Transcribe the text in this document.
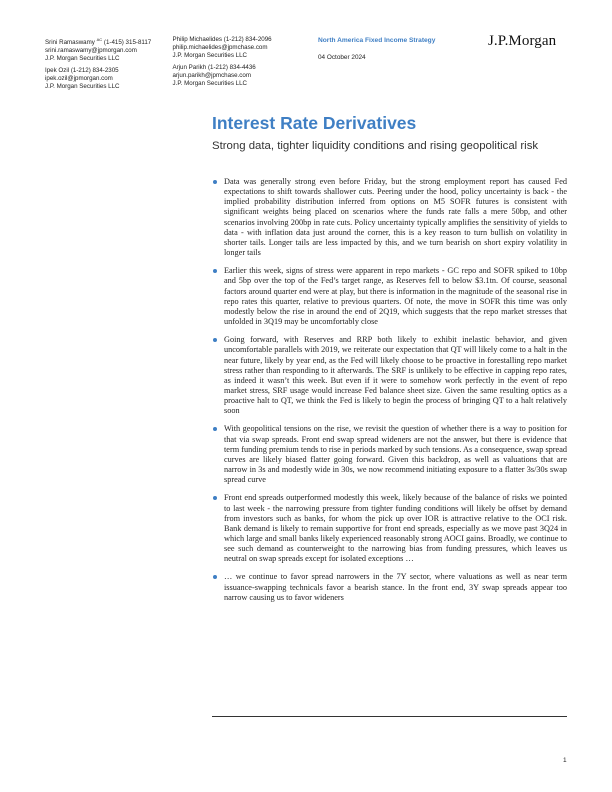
Srini Ramaswamy $^{AC}$ (1-415) 315-8117
srini.ramaswamy@jpmorgan.com
J.P. Morgan Securities LLC
Ipek Ozil (1-212) 834-2305
ipek.ozil@jpmorgan.com
J.P. Morgan Securities LLC
Philip Michaelides (1-212) 834-2096
philip.michaelides@jpmchase.com
J.P. Morgan Securities LLC
Arjun Parikh (1-212) 834-4436
arjun.parikh@jpmchase.com
J.P. Morgan Securities LLC
North America Fixed Income Strategy
04 October 2024
J.P.Morgan
Interest Rate Derivatives
Strong data, tighter liquidity conditions and rising geopolitical risk
Data was generally strong even before Friday, but the strong employment report has caused Fed expectations to shift towards shallower cuts. Peering under the hood, policy uncertainty is back - the implied probability distribution inferred from options on M5 SOFR futures is consistent with significant weights being placed on scenarios where the funds rate falls a mere 50bp, and other scenarios involving 200bp in rate cuts. Policy uncertainty typically amplifies the sensitivity of yields to data - with inflation data just around the corner, this is a key reason to turn bullish on volatility in shorter tails. Longer tails are less impacted by this, and we turn bearish on short expiry volatility in longer tails
Earlier this week, signs of stress were apparent in repo markets - GC repo and SOFR spiked to 10bp and 5bp over the top of the Fed’s target range, as Reserves fell to below $3.1tn. Of course, seasonal factors around quarter end were at play, but there is information in the magnitude of the seasonal rise in repo rates this quarter, relative to previous quarters. Of note, the move in SOFR this time was only modestly below the rise in around the end of 2Q19, which suggests that the repo market stresses that unfolded in 3Q19 may be uncomfortably close
Going forward, with Reserves and RRP both likely to exhibit inelastic behavior, and given uncomfortable parallels with 2019, we reiterate our expectation that QT will likely come to a halt in the near future, likely by year end, as the Fed will likely choose to be proactive in forestalling repo market stress rather than responding to it afterwards. The SRF is unlikely to be effective in capping repo rates, as indeed it wasn’t this week. But even if it were to somehow work perfectly in the event of repo market stress, SRF usage would increase Fed balance sheet size. Given the same resulting optics as a proactive halt to QT, we think the Fed is likely to begin the process of bringing QT to a halt relatively soon
With geopolitical tensions on the rise, we revisit the question of whether there is a way to position for that via swap spreads. Front end swap spread wideners are not the answer, but there is evidence that term funding premium tends to rise in periods marked by such tensions. As a consequence, swap spread curves are likely biased flatter going forward. Given this backdrop, as well as valuations that are narrow in 3s and modestly wide in 30s, we now recommend initiating exposure to a flatter 3s/30s swap spread curve
Front end spreads outperformed modestly this week, likely because of the balance of risks we pointed to last week - the narrowing pressure from tighter funding conditions will likely be offset by demand from investors such as banks, for whom the pick up over IOR is attractive relative to the OCI risk. Bank demand is likely to remain supportive for front end spreads, especially as we move past 3Q24 in which large and small banks likely experienced reasonably strong AOCI gains. Broadly, we continue to see such demand as counterweight to the narrowing bias from funding pressures, which leaves us neutral on swap spreads except for isolated exceptions …
… we continue to favor spread narrowers in the 7Y sector, where valuations as well as near term issuance-swapping technicals favor a bearish stance. In the front end, 3Y swap spreads appear too narrow causing us to favor wideners
1
